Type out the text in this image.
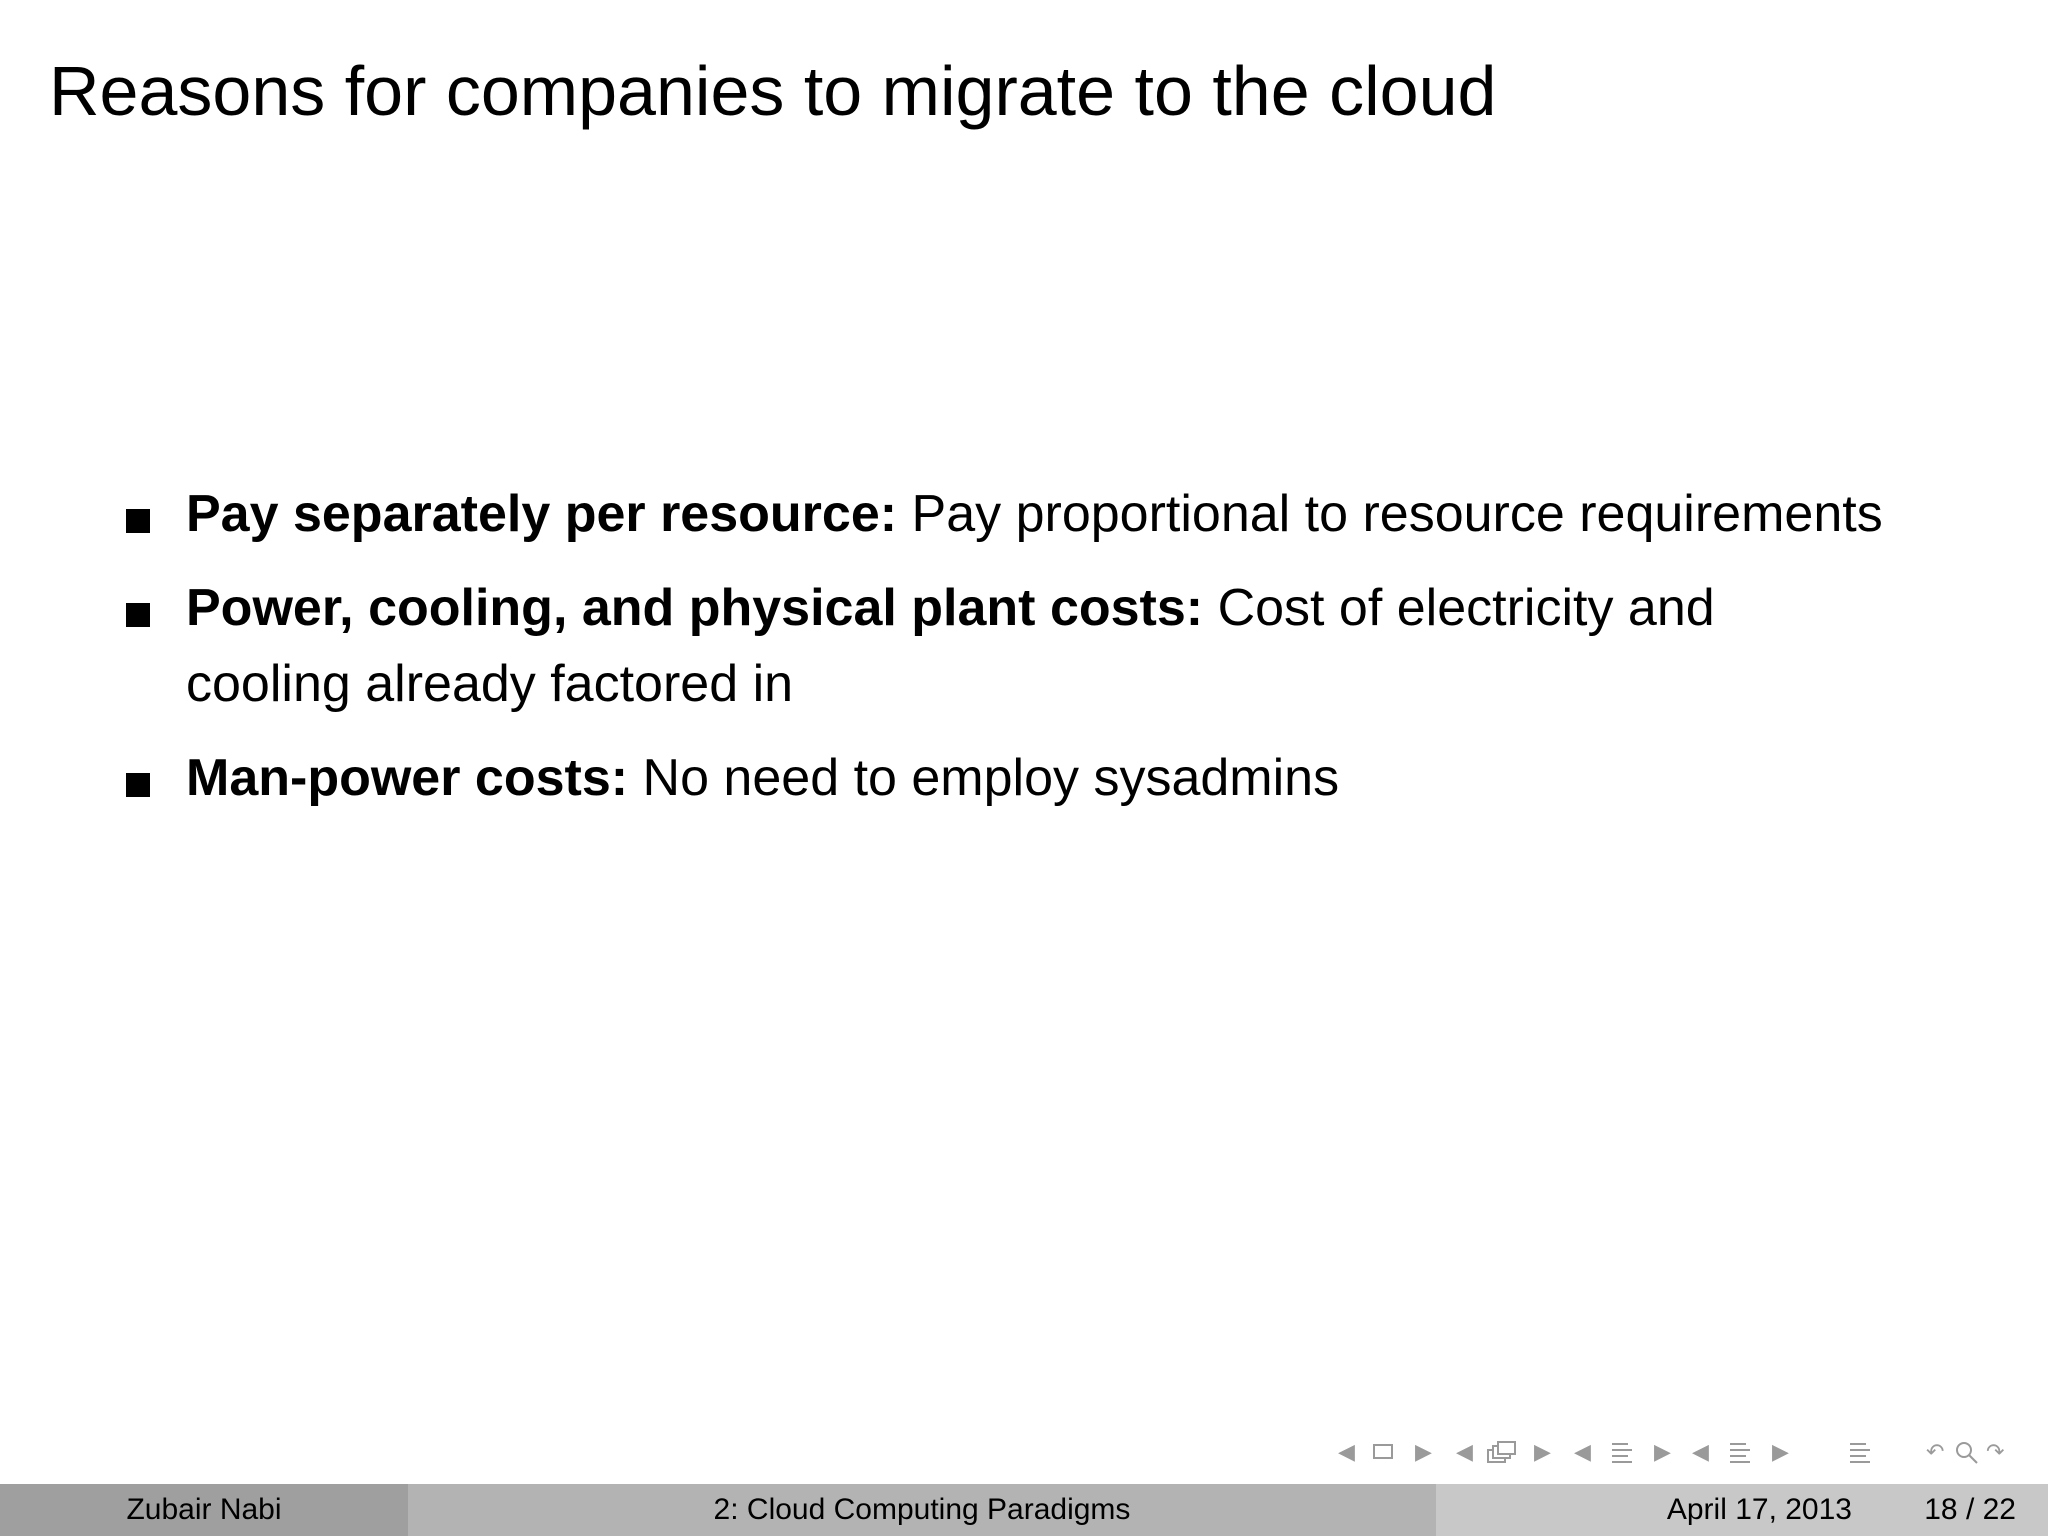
Reasons for companies to migrate to the cloud
Pay separately per resource: Pay proportional to resource requirements
Power, cooling, and physical plant costs: Cost of electricity and cooling already factored in
Man-power costs: No need to employ sysadmins
◀	▶ ◀	▶ ◀	▶ ◀	▶	↶ ↷
Zubair Nabi	2: Cloud Computing Paradigms	April 17, 2013 18 / 22
